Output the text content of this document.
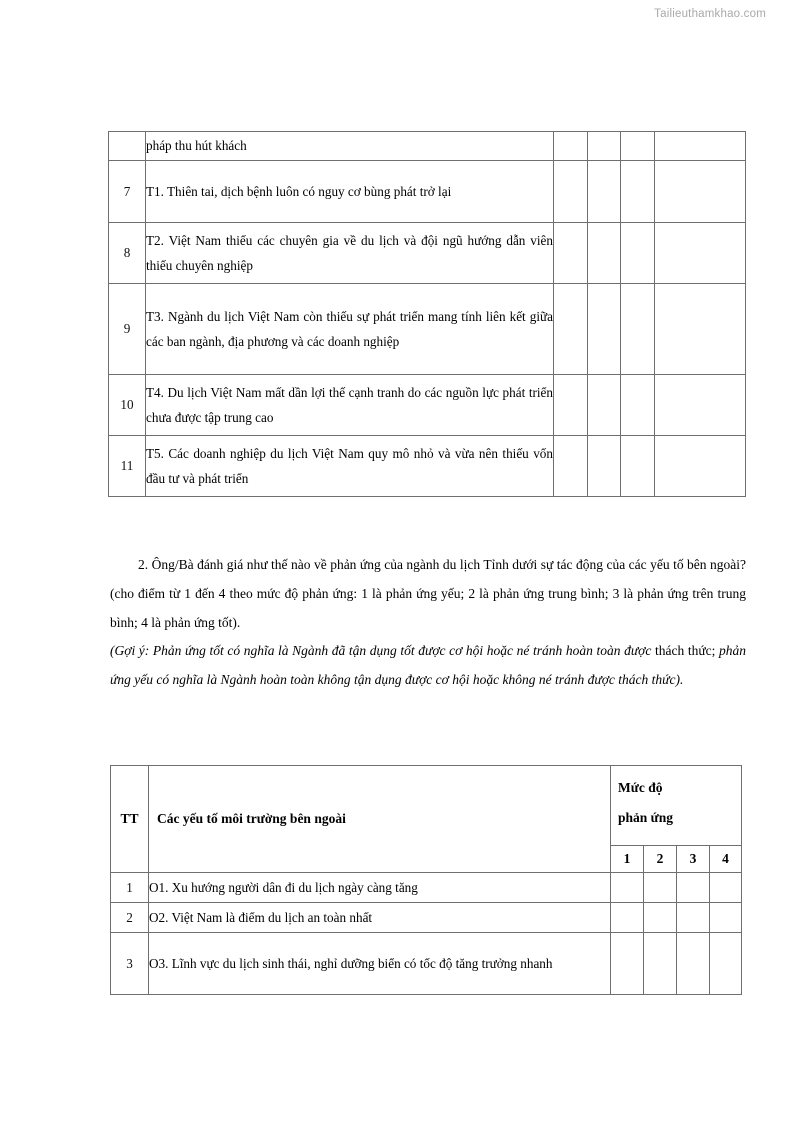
Tailieuthamkhao.com
	pháp thu hút khách				
7	T1. Thiên tai, dịch bệnh luôn có nguy cơ bùng phát trở lại				
8	T2. Việt Nam thiếu các chuyên gia về du lịch và đội ngũ hướng dẫn viên thiếu chuyên nghiệp				
9	T3. Ngành du lịch Việt Nam còn thiếu sự phát triển mang tính liên kết giữa các ban ngành, địa phương và các doanh nghiệp				
10	T4. Du lịch Việt Nam mất dần lợi thế cạnh tranh do các nguồn lực phát triển chưa được tập trung cao				
11	T5. Các doanh nghiệp du lịch Việt Nam quy mô nhỏ và vừa nên thiếu vốn đầu tư và phát triển				

2. Ông/Bà đánh giá như thế nào về phản ứng của ngành du lịch Tỉnh dưới sự tác động của các yếu tố bên ngoài? (cho điểm từ 1 đến 4 theo mức độ phản ứng: 1 là phản ứng yếu; 2 là phản ứng trung bình; 3 là phản ứng trên trung bình; 4 là phản ứng tốt).

(Gợi ý: Phản ứng tốt có nghĩa là Ngành đã tận dụng tốt được cơ hội hoặc né tránh hoàn toàn được thách thức; phản ứng yếu có nghĩa là Ngành hoàn toàn không tận dụng được cơ hội hoặc không né tránh được thách thức).

TT	Các yếu tố môi trường bên ngoài	Mức độ
phản ứng			

		1	2	3	4
1	O1. Xu hướng người dân đi du lịch ngày càng tăng				
2	O2. Việt Nam là điểm du lịch an toàn nhất				
3	O3. Lĩnh vực du lịch sinh thái, nghỉ dưỡng biển có tốc độ tăng trưởng nhanh				
